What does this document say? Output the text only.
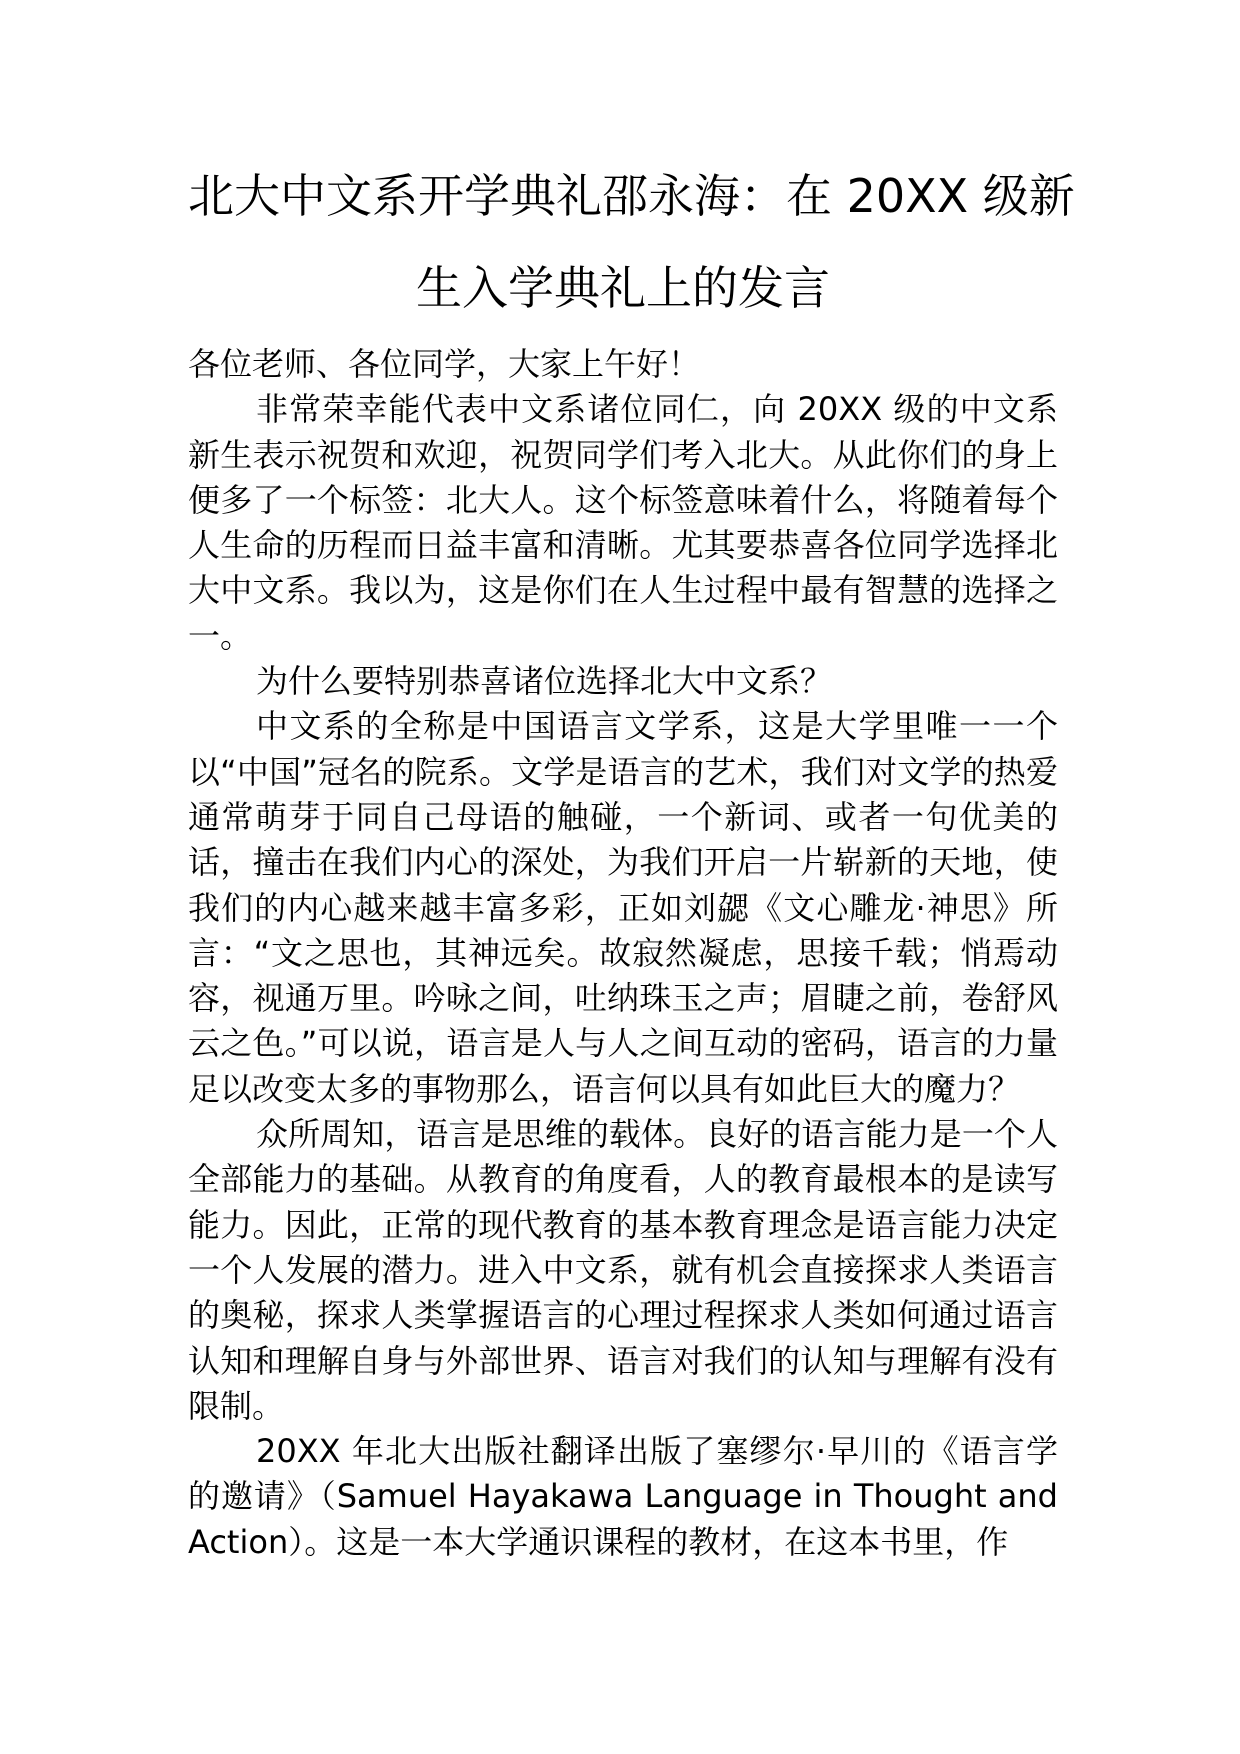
北大中文系开学典礼邵永海：在 20XX 级新
生入学典礼上的发言

各位老师、各位同学，大家上午好！

非常荣幸能代表中文系诸位同仁，向 20XX 级的中文系新生表示祝贺和欢迎，祝贺同学们考入北大。从此你们的身上便多了一个标签：北大人。这个标签意味着什么，将随着每个人生命的历程而日益丰富和清晰。尤其要恭喜各位同学选择北大中文系。我以为，这是你们在人生过程中最有智慧的选择之一。

为什么要特别恭喜诸位选择北大中文系？

中文系的全称是中国语言文学系，这是大学里唯一一个以“中国”冠名的院系。文学是语言的艺术，我们对文学的热爱通常萌芽于同自己母语的触碰，一个新词、或者一句优美的话，撞击在我们内心的深处，为我们开启一片崭新的天地，使我们的内心越来越丰富多彩，正如刘勰《文心雕龙·神思》所言：“文之思也，其神远矣。故寂然凝虑，思接千载；悄焉动容，视通万里。吟咏之间，吐纳珠玉之声；眉睫之前，卷舒风云之色。”可以说，语言是人与人之间互动的密码，语言的力量足以改变太多的事物那么，语言何以具有如此巨大的魔力？

众所周知，语言是思维的载体。良好的语言能力是一个人全部能力的基础。从教育的角度看，人的教育最根本的是读写能力。因此，正常的现代教育的基本教育理念是语言能力决定一个人发展的潜力。进入中文系，就有机会直接探求人类语言的奥秘，探求人类掌握语言的心理过程探求人类如何通过语言认知和理解自身与外部世界、语言对我们的认知与理解有没有限制。

20XX 年北大出版社翻译出版了塞缪尔·早川的《语言学的邀请》（Samuel Hayakawa Language in Thought and Action）。这是一本大学通识课程的教材，在这本书里，作
